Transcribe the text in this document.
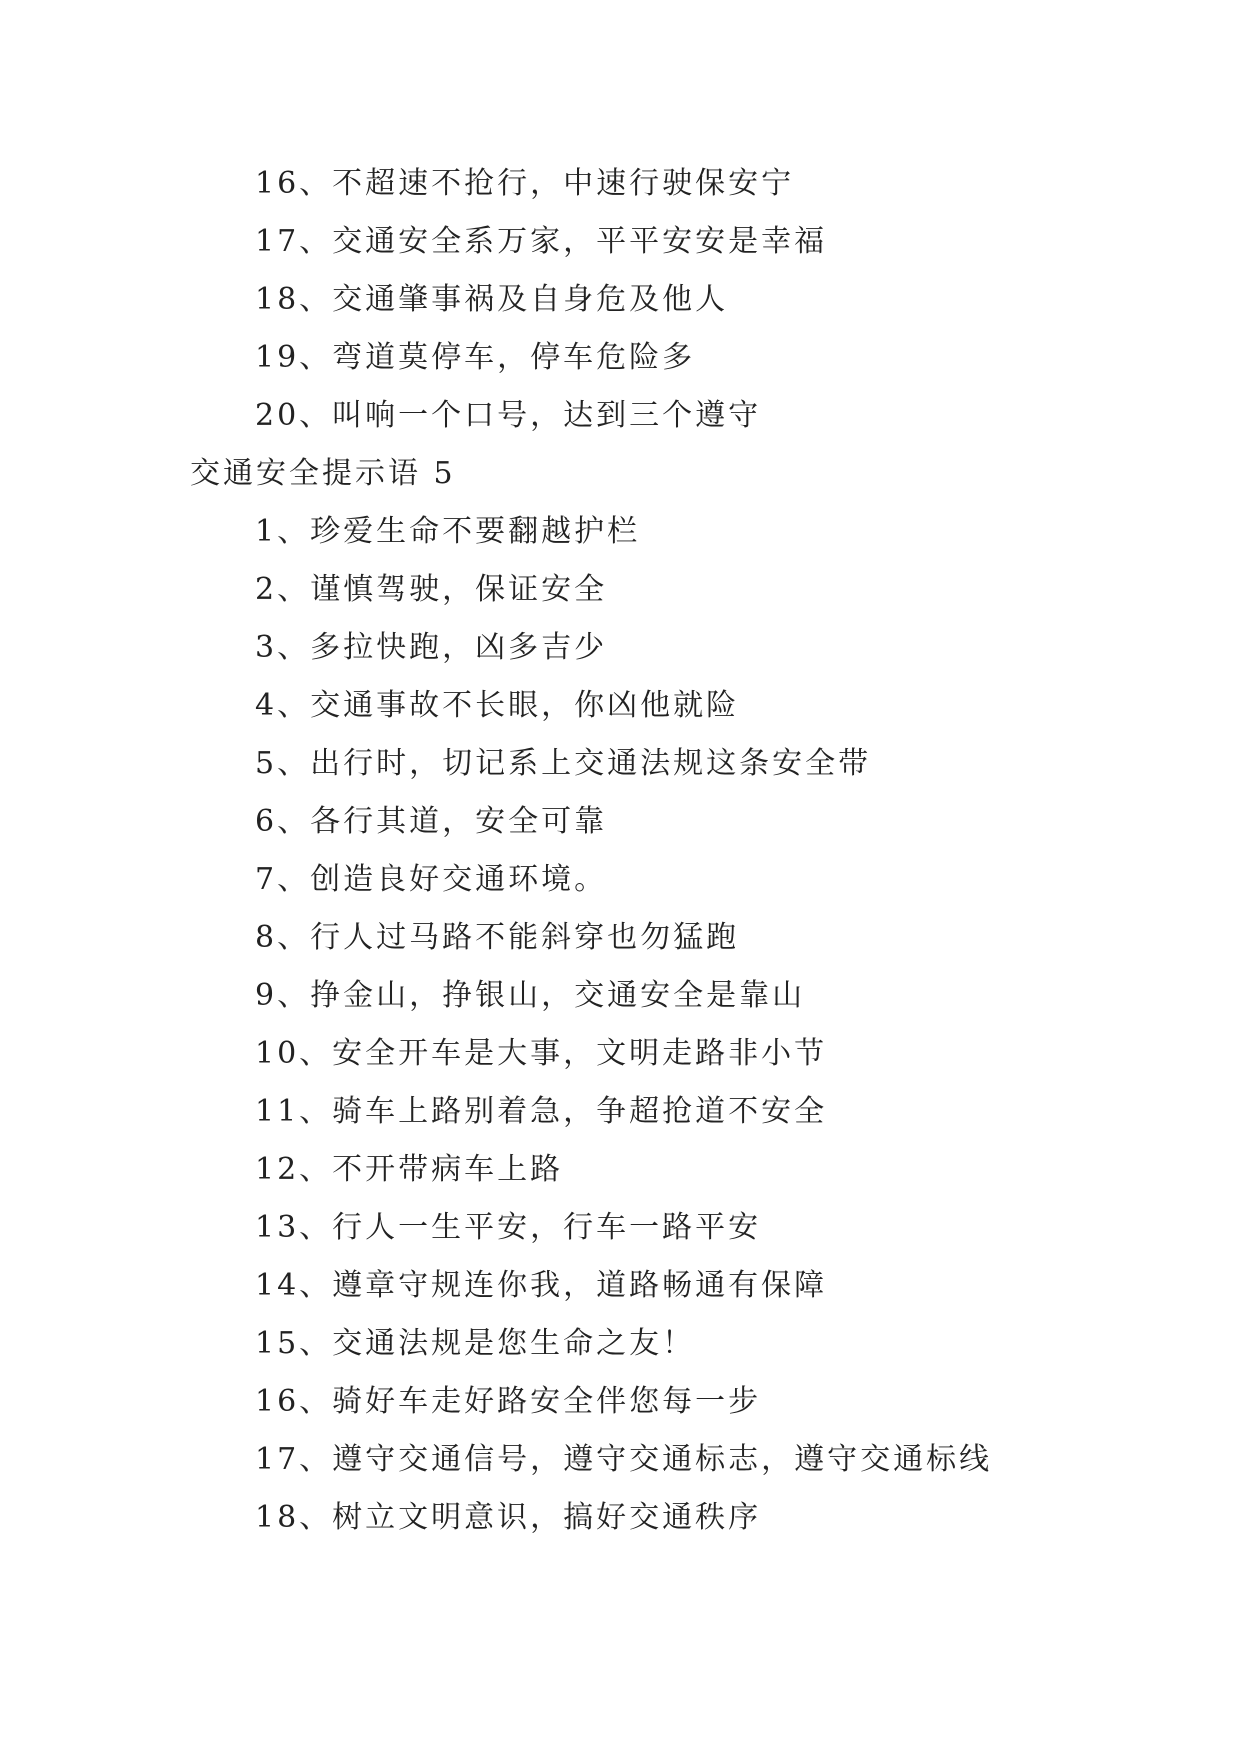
16、不超速不抢行，中速行驶保安宁
17、交通安全系万家，平平安安是幸福
18、交通肇事祸及自身危及他人
19、弯道莫停车，停车危险多
20、叫响一个口号，达到三个遵守
交通安全提示语 5
1、珍爱生命不要翻越护栏
2、谨慎驾驶，保证安全
3、多拉快跑，凶多吉少
4、交通事故不长眼，你凶他就险
5、出行时，切记系上交通法规这条安全带
6、各行其道，安全可靠
7、创造良好交通环境。
8、行人过马路不能斜穿也勿猛跑
9、挣金山，挣银山，交通安全是靠山
10、安全开车是大事，文明走路非小节
11、骑车上路别着急，争超抢道不安全
12、不开带病车上路
13、行人一生平安，行车一路平安
14、遵章守规连你我，道路畅通有保障
15、交通法规是您生命之友！
16、骑好车走好路安全伴您每一步
17、遵守交通信号，遵守交通标志，遵守交通标线
18、树立文明意识，搞好交通秩序
